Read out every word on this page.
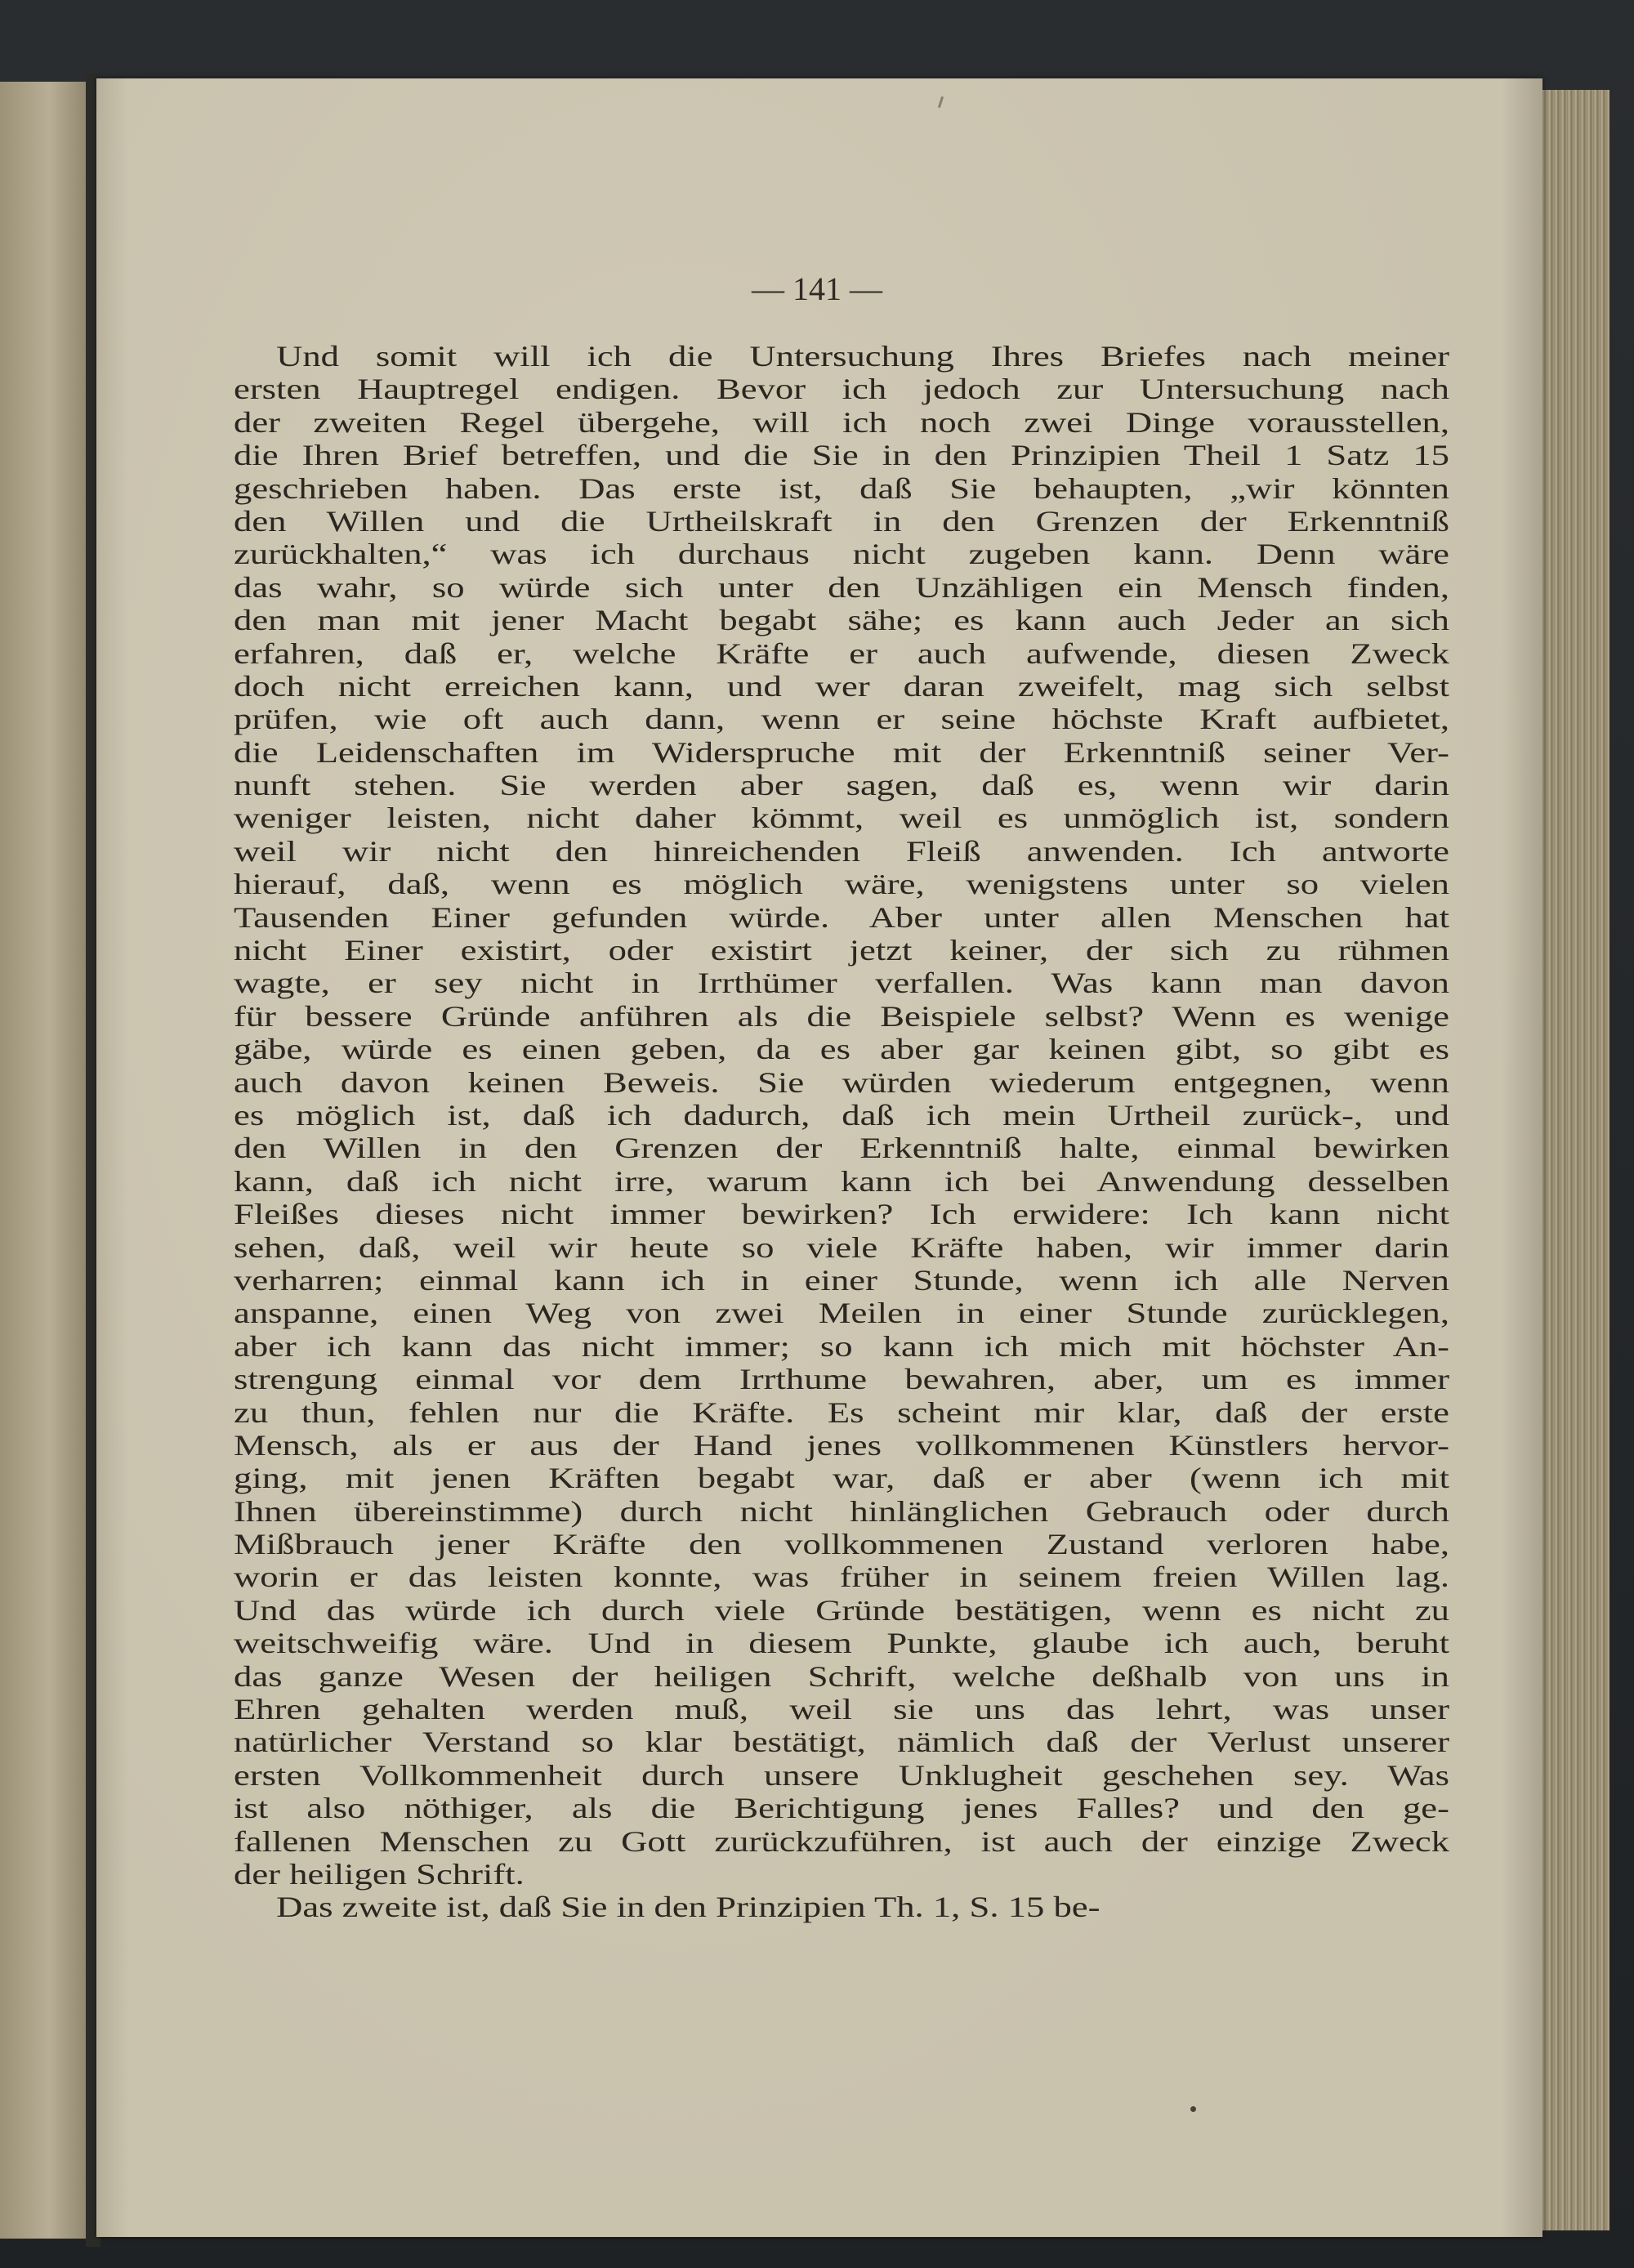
— 141 —
Und somit will ich die Untersuchung Ihres Briefes nach meiner
ersten Hauptregel endigen. Bevor ich jedoch zur Untersuchung nach
der zweiten Regel übergehe, will ich noch zwei Dinge vorausstellen,
die Ihren Brief betreffen, und die Sie in den Prinzipien Theil 1 Satz 15
geschrieben haben. Das erste ist, daß Sie behaupten, „wir könnten
den Willen und die Urtheilskraft in den Grenzen der Erkenntniß
zurückhalten,“ was ich durchaus nicht zugeben kann. Denn wäre
das wahr, so würde sich unter den Unzähligen ein Mensch finden,
den man mit jener Macht begabt sähe; es kann auch Jeder an sich
erfahren, daß er, welche Kräfte er auch aufwende, diesen Zweck
doch nicht erreichen kann, und wer daran zweifelt, mag sich selbst
prüfen, wie oft auch dann, wenn er seine höchste Kraft aufbietet,
die Leidenschaften im Widerspruche mit der Erkenntniß seiner Ver-
nunft stehen. Sie werden aber sagen, daß es, wenn wir darin
weniger leisten, nicht daher kömmt, weil es unmöglich ist, sondern
weil wir nicht den hinreichenden Fleiß anwenden. Ich antworte
hierauf, daß, wenn es möglich wäre, wenigstens unter so vielen
Tausenden Einer gefunden würde. Aber unter allen Menschen hat
nicht Einer existirt, oder existirt jetzt keiner, der sich zu rühmen
wagte, er sey nicht in Irrthümer verfallen. Was kann man davon
für bessere Gründe anführen als die Beispiele selbst? Wenn es wenige
gäbe, würde es einen geben, da es aber gar keinen gibt, so gibt es
auch davon keinen Beweis. Sie würden wiederum entgegnen, wenn
es möglich ist, daß ich dadurch, daß ich mein Urtheil zurück-, und
den Willen in den Grenzen der Erkenntniß halte, einmal bewirken
kann, daß ich nicht irre, warum kann ich bei Anwendung desselben
Fleißes dieses nicht immer bewirken? Ich erwidere: Ich kann nicht
sehen, daß, weil wir heute so viele Kräfte haben, wir immer darin
verharren; einmal kann ich in einer Stunde, wenn ich alle Nerven
anspanne, einen Weg von zwei Meilen in einer Stunde zurücklegen,
aber ich kann das nicht immer; so kann ich mich mit höchster An-
strengung einmal vor dem Irrthume bewahren, aber, um es immer
zu thun, fehlen nur die Kräfte. Es scheint mir klar, daß der erste
Mensch, als er aus der Hand jenes vollkommenen Künstlers hervor-
ging, mit jenen Kräften begabt war, daß er aber (wenn ich mit
Ihnen übereinstimme) durch nicht hinlänglichen Gebrauch oder durch
Mißbrauch jener Kräfte den vollkommenen Zustand verloren habe,
worin er das leisten konnte, was früher in seinem freien Willen lag.
Und das würde ich durch viele Gründe bestätigen, wenn es nicht zu
weitschweifig wäre. Und in diesem Punkte, glaube ich auch, beruht
das ganze Wesen der heiligen Schrift, welche deßhalb von uns in
Ehren gehalten werden muß, weil sie uns das lehrt, was unser
natürlicher Verstand so klar bestätigt, nämlich daß der Verlust unserer
ersten Vollkommenheit durch unsere Unklugheit geschehen sey. Was
ist also nöthiger, als die Berichtigung jenes Falles? und den ge-
fallenen Menschen zu Gott zurückzuführen, ist auch der einzige Zweck
der heiligen Schrift.
Das zweite ist, daß Sie in den Prinzipien Th. 1, S. 15 be-
